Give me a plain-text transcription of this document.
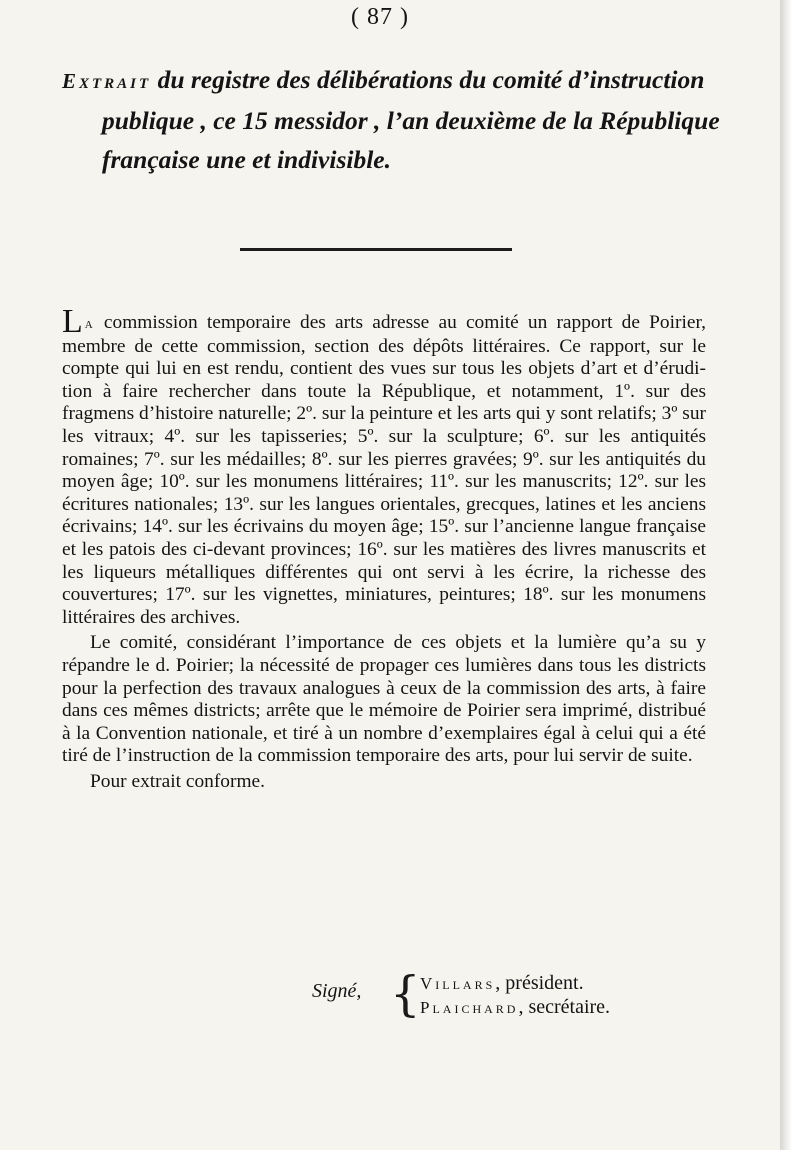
( 87 )
Extrait du registre des délibérations du comité d’instruction publique , ce 15 messidor , l’an deuxième de la République française une et indivisible.

La commission temporaire des arts adresse au comité un rapport de Poirier, membre de cette commission, section des dépôts littéraires. Ce rapport, sur le compte qui lui en est rendu, contient des vues sur tous les objets d’art et d’érudition à faire rechercher dans toute la République, et notamment, 1º. sur des fragmens d’histoire naturelle; 2º. sur la peinture et les arts qui y sont relatifs; 3º sur les vitraux; 4º. sur les tapisseries; 5º. sur la sculpture; 6º. sur les antiquités romaines; 7º. sur les médailles; 8º. sur les pierres gravées; 9º. sur les antiquités du moyen âge; 10º. sur les monumens littéraires; 11º. sur les manuscrits; 12º. sur les écritures nationales; 13º. sur les langues orientales, grecques, latines et les anciens écrivains; 14º. sur les écrivains du moyen âge; 15º. sur l’ancienne langue française et les patois des ci-devant provinces; 16º. sur les matières des livres manuscrits et les liqueurs métalliques différentes qui ont servi à les écrire, la richesse des couvertures; 17º. sur les vignettes, miniatures, peintures; 18º. sur les monumens littéraires des archives.

Le comité, considérant l’importance de ces objets et la lumière qu’a su y répandre le d. Poirier; la nécessité de propager ces lumières dans tous les districts pour la perfection des travaux analogues à ceux de la commission des arts, à faire dans ces mêmes districts; arrête que le mémoire de Poirier sera imprimé, distribué à la Convention nationale, et tiré à un nombre d’exemplaires égal à celui qui a été tiré de l’instruction de la commission temporaire des arts, pour lui servir de suite.

Pour extrait conforme.

Signé, { Villars, président.
Plaichard, secrétaire.
